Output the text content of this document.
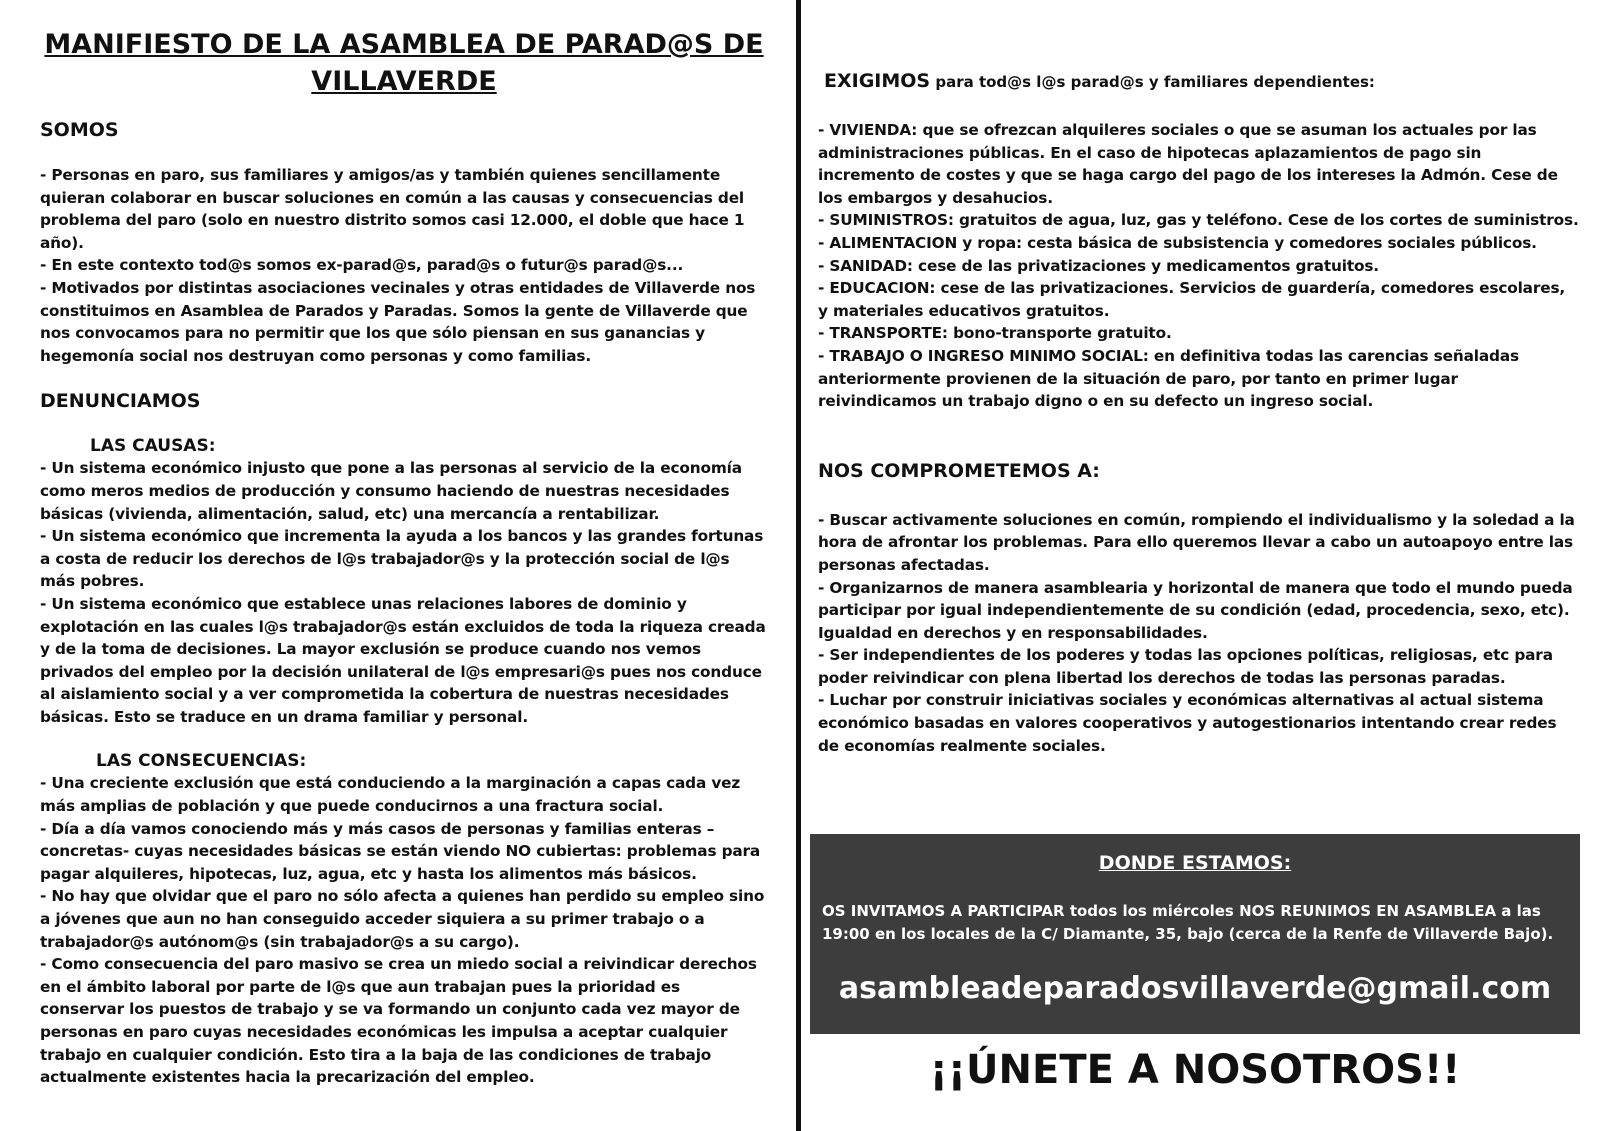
MANIFIESTO DE LA ASAMBLEA DE PARAD@S DE VILLAVERDE
SOMOS

- Personas en paro, sus familiares y amigos/as y también quienes sencillamente quieran colaborar en buscar soluciones en común a las causas y consecuencias del problema del paro (solo en nuestro distrito somos casi 12.000, el doble que hace 1 año).

- En este contexto tod@s somos ex-parad@s, parad@s o futur@s parad@s...

- Motivados por distintas asociaciones vecinales y otras entidades de Villaverde nos constituimos en Asamblea de Parados y Paradas. Somos la gente de Villaverde que nos convocamos para no permitir que los que sólo piensan en sus ganancias y hegemonía social nos destruyan como personas y como familias.

DENUNCIAMOS
LAS CAUSAS:

- Un sistema económico injusto que pone a las personas al servicio de la economía como meros medios de producción y consumo haciendo de nuestras necesidades básicas (vivienda, alimentación, salud, etc) una mercancía a rentabilizar.

- Un sistema económico que incrementa la ayuda a los bancos y las grandes fortunas a costa de reducir los derechos de l@s trabajador@s y la protección social de l@s más pobres.

- Un sistema económico que establece unas relaciones labores de dominio y explotación en las cuales l@s trabajador@s están excluidos de toda la riqueza creada y de la toma de decisiones. La mayor exclusión se produce cuando nos vemos privados del empleo por la decisión unilateral de l@s empresari@s pues nos conduce al aislamiento social y a ver comprometida la cobertura de nuestras necesidades básicas. Esto se traduce en un drama familiar y personal.

LAS CONSECUENCIAS:

- Una creciente exclusión que está conduciendo a la marginación a capas cada vez más amplias de población y que puede conducirnos a una fractura social.

- Día a día vamos conociendo más y más casos de personas y familias enteras –concretas- cuyas necesidades básicas se están viendo NO cubiertas: problemas para pagar alquileres, hipotecas, luz, agua, etc y hasta los alimentos más básicos.

- No hay que olvidar que el paro no sólo afecta a quienes han perdido su empleo sino a jóvenes que aun no han conseguido acceder siquiera a su primer trabajo o a trabajador@s autónom@s (sin trabajador@s a su cargo).

- Como consecuencia del paro masivo se crea un miedo social a reivindicar derechos en el ámbito laboral por parte de l@s que aun trabajan pues la prioridad es conservar los puestos de trabajo y se va formando un conjunto cada vez mayor de personas en paro cuyas necesidades económicas les impulsa a aceptar cualquier trabajo en cualquier condición. Esto tira a la baja de las condiciones de trabajo actualmente existentes hacia la precarización del empleo.

EXIGIMOS para tod@s l@s parad@s y familiares dependientes:

- VIVIENDA: que se ofrezcan alquileres sociales o que se asuman los actuales por las administraciones públicas. En el caso de hipotecas aplazamientos de pago sin incremento de costes y que se haga cargo del pago de los intereses la Admón. Cese de los embargos y desahucios.

- SUMINISTROS: gratuitos de agua, luz, gas y teléfono. Cese de los cortes de suministros.

- ALIMENTACION y ropa: cesta básica de subsistencia y comedores sociales públicos.

- SANIDAD: cese de las privatizaciones y medicamentos gratuitos.

- EDUCACION: cese de las privatizaciones. Servicios de guardería, comedores escolares, y materiales educativos gratuitos.

- TRANSPORTE: bono-transporte gratuito.

- TRABAJO O INGRESO MINIMO SOCIAL: en definitiva todas las carencias señaladas anteriormente provienen de la situación de paro, por tanto en primer lugar reivindicamos un trabajo digno o en su defecto un ingreso social.

NOS COMPROMETEMOS A:

- Buscar activamente soluciones en común, rompiendo el individualismo y la soledad a la hora de afrontar los problemas. Para ello queremos llevar a cabo un autoapoyo entre las personas afectadas.

- Organizarnos de manera asamblearia y horizontal de manera que todo el mundo pueda participar por igual independientemente de su condición (edad, procedencia, sexo, etc). Igualdad en derechos y en responsabilidades.

- Ser independientes de los poderes y todas las opciones políticas, religiosas, etc para poder reivindicar con plena libertad los derechos de todas las personas paradas.

- Luchar por construir iniciativas sociales y económicas alternativas al actual sistema económico basadas en valores cooperativos y autogestionarios intentando crear redes de economías realmente sociales.

DONDE ESTAMOS:
OS INVITAMOS A PARTICIPAR todos los miércoles NOS REUNIMOS EN ASAMBLEA a las 19:00 en los locales de la C/ Diamante, 35, bajo (cerca de la Renfe de Villaverde Bajo).
asambleadeparadosvillaverde@gmail.com
¡¡ÚNETE A NOSOTROS!!
